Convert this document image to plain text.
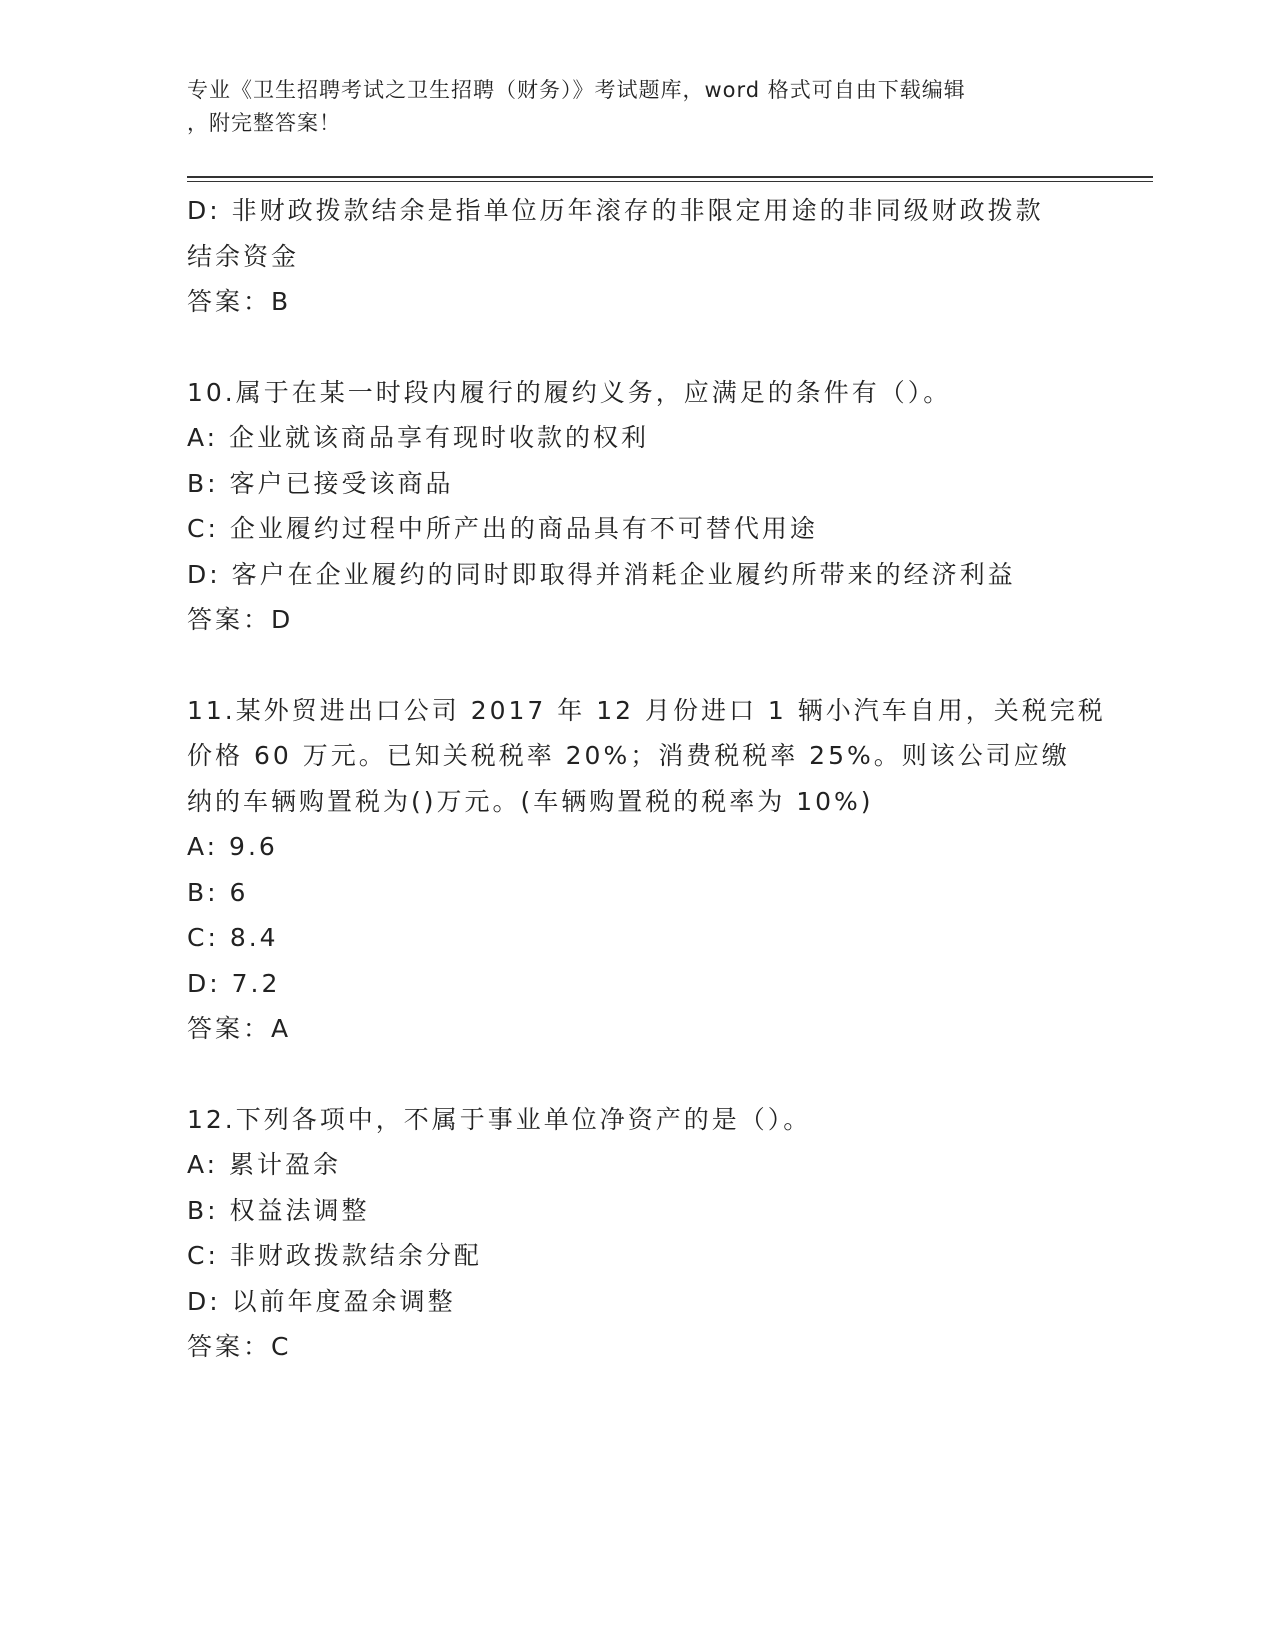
专业《卫生招聘考试之卫生招聘（财务）》考试题库，word 格式可自由下载编辑
，附完整答案！
D: 非财政拨款结余是指单位历年滚存的非限定用途的非同级财政拨款
结余资金
答案：B
10.属于在某一时段内履行的履约义务，应满足的条件有（）。
A: 企业就该商品享有现时收款的权利
B: 客户已接受该商品
C: 企业履约过程中所产出的商品具有不可替代用途
D: 客户在企业履约的同时即取得并消耗企业履约所带来的经济利益
答案：D
11.某外贸进出口公司 2017 年 12 月份进口 1 辆小汽车自用，关税完税
价格 60 万元。已知关税税率 20%；消费税税率 25%。则该公司应缴
纳的车辆购置税为()万元。(车辆购置税的税率为 10%)
A: 9.6
B: 6
C: 8.4
D: 7.2
答案：A
12.下列各项中，不属于事业单位净资产的是（）。
A: 累计盈余
B: 权益法调整
C: 非财政拨款结余分配
D: 以前年度盈余调整
答案：C
